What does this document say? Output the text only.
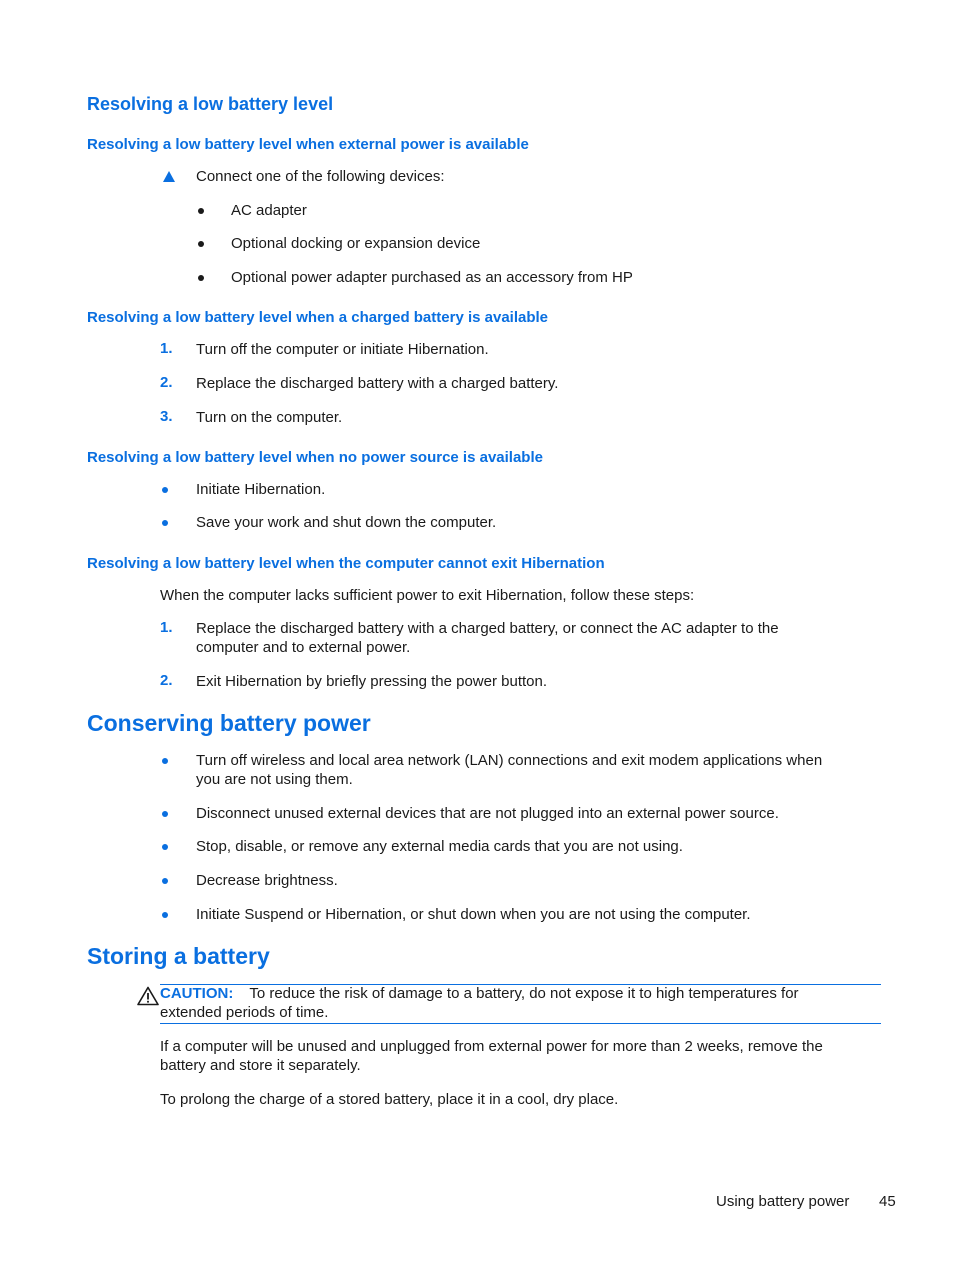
Resolving a low battery level
Resolving a low battery level when external power is available
Connect one of the following devices:
AC adapter
Optional docking or expansion device
Optional power adapter purchased as an accessory from HP
Resolving a low battery level when a charged battery is available
1. Turn off the computer or initiate Hibernation.
2. Replace the discharged battery with a charged battery.
3. Turn on the computer.
Resolving a low battery level when no power source is available
Initiate Hibernation.
Save your work and shut down the computer.
Resolving a low battery level when the computer cannot exit Hibernation
When the computer lacks sufficient power to exit Hibernation, follow these steps:
1. Replace the discharged battery with a charged battery, or connect the AC adapter to the
computer and to external power.
2. Exit Hibernation by briefly pressing the power button.
Conserving battery power
Turn off wireless and local area network (LAN) connections and exit modem applications when
you are not using them.
Disconnect unused external devices that are not plugged into an external power source.
Stop, disable, or remove any external media cards that you are not using.
Decrease brightness.
Initiate Suspend or Hibernation, or shut down when you are not using the computer.
Storing a battery
CAUTION: To reduce the risk of damage to a battery, do not expose it to high temperatures for
extended periods of time.
If a computer will be unused and unplugged from external power for more than 2 weeks, remove the
battery and store it separately.
To prolong the charge of a stored battery, place it in a cool, dry place.
Using battery power 45
